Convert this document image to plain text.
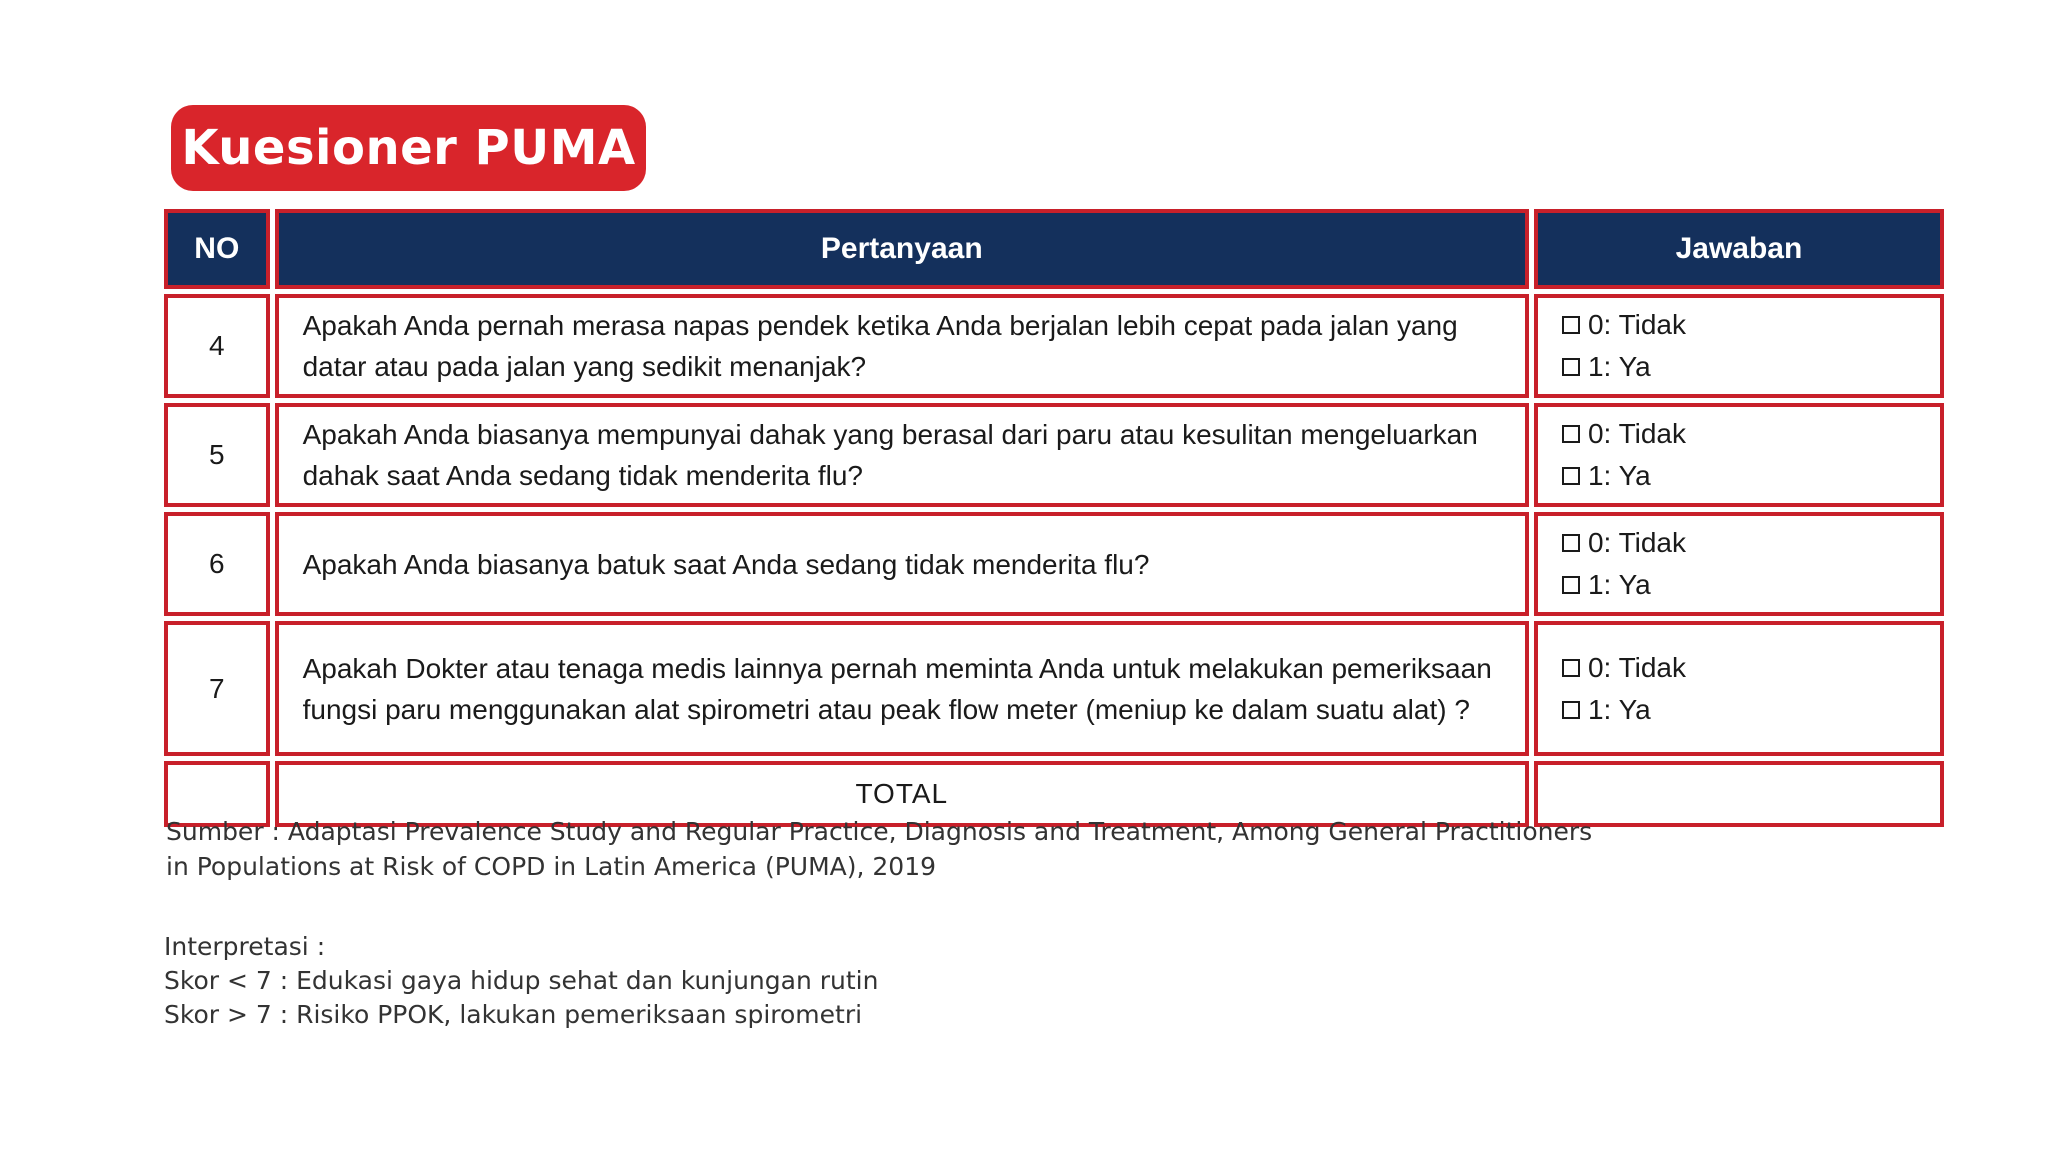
Kuesioner PUMA
NO	Pertanyaan	Jawaban
4	Apakah Anda pernah merasa napas pendek ketika Anda berjalan lebih cepat pada jalan yang datar atau pada jalan yang sedikit menanjak?	0: Tidak
1: Ya

5	Apakah Anda biasanya mempunyai dahak yang berasal dari paru atau kesulitan mengeluarkan dahak saat Anda sedang tidak menderita flu?	0: Tidak
1: Ya

6	Apakah Anda biasanya batuk saat Anda sedang tidak menderita flu?	0: Tidak
1: Ya

7	Apakah Dokter atau tenaga medis lainnya pernah meminta Anda untuk melakukan pemeriksaan fungsi paru menggunakan alat spirometri atau peak flow meter (meniup ke dalam suatu alat) ?	0: Tidak
1: Ya

	TOTAL	
Sumber : Adaptasi Prevalence Study and Regular Practice, Diagnosis and Treatment, Among General Practitioners
in Populations at Risk of COPD in Latin America (PUMA), 2019
Interpretasi :
Skor < 7 : Edukasi gaya hidup sehat dan kunjungan rutin
Skor > 7 : Risiko PPOK, lakukan pemeriksaan spirometri
